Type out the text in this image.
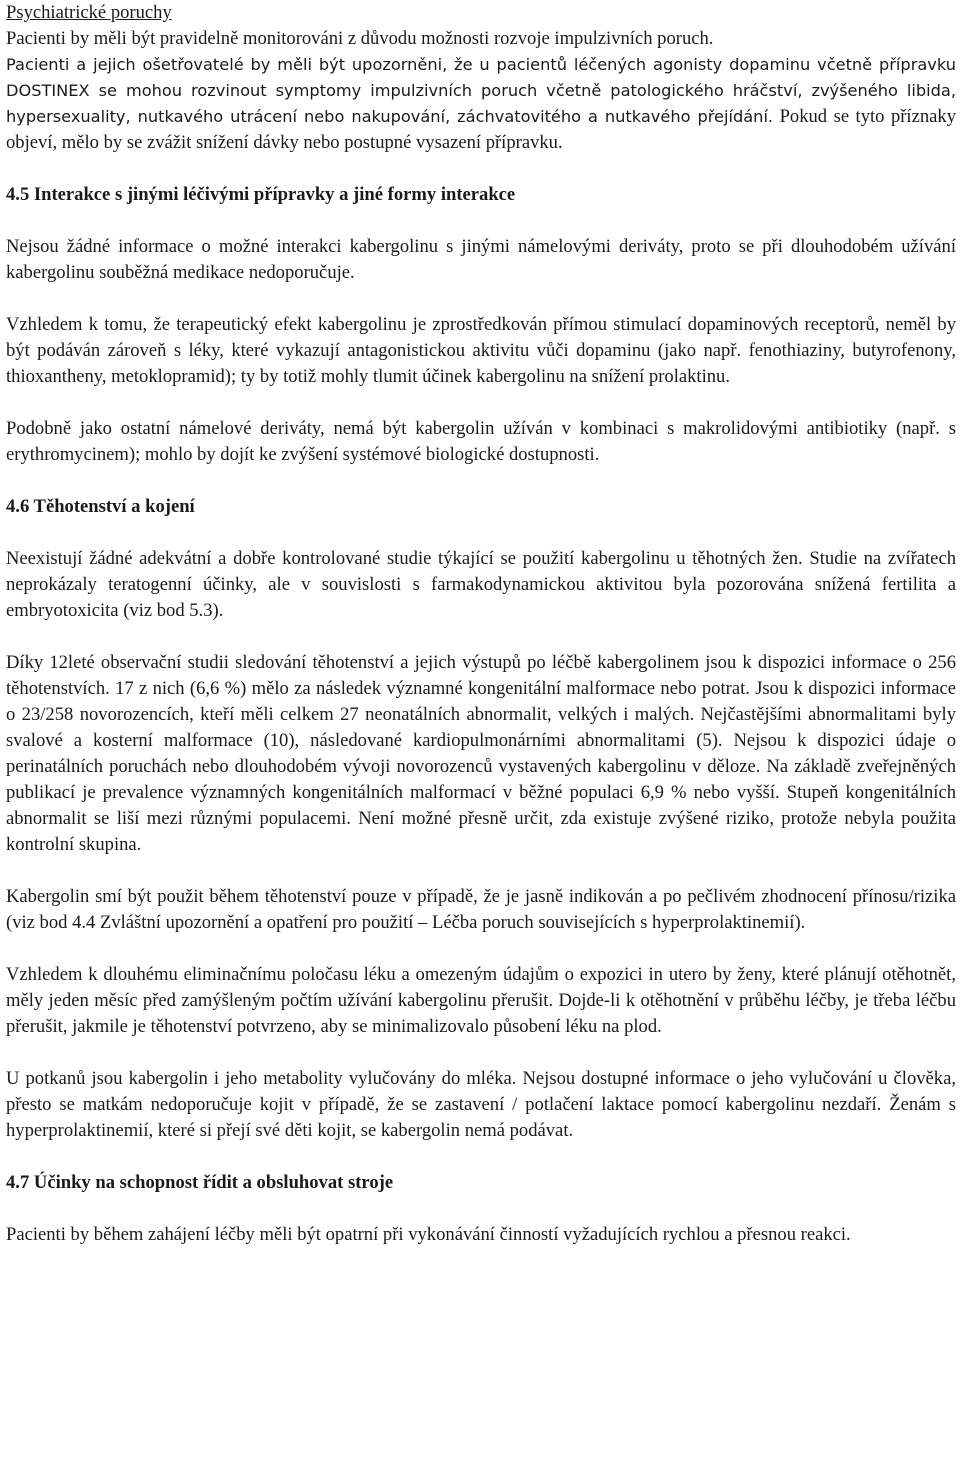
Psychiatrické poruchy

Pacienti by měli být pravidelně monitorováni z důvodu možnosti rozvoje impulzivních poruch.

Pacienti a jejich ošetřovatelé by měli být upozorněni, že u pacientů léčených agonisty dopaminu včetně přípravku DOSTINEX se mohou rozvinout symptomy impulzivních poruch včetně patologického hráčství, zvýšeného libida, hypersexuality, nutkavého utrácení nebo nakupování, záchvatovitého a nutkavého přejídání. Pokud se tyto příznaky objeví, mělo by se zvážit snížení dávky nebo postupné vysazení přípravku.

4.5 Interakce s jinými léčivými přípravky a jiné formy interakce

Nejsou žádné informace o možné interakci kabergolinu s jinými námelovými deriváty, proto se při dlouhodobém užívání kabergolinu souběžná medikace nedoporučuje.

Vzhledem k tomu, že terapeutický efekt kabergolinu je zprostředkován přímou stimulací dopaminových receptorů, neměl by být podáván zároveň s léky, které vykazují antagonistickou aktivitu vůči dopaminu (jako např. fenothiaziny, butyrofenony, thioxantheny, metoklopramid); ty by totiž mohly tlumit účinek kabergolinu na snížení prolaktinu.

Podobně jako ostatní námelové deriváty, nemá být kabergolin užíván v kombinaci s makrolidovými antibiotiky (např. s erythromycinem); mohlo by dojít ke zvýšení systémové biologické dostupnosti.

4.6 Těhotenství a kojení

Neexistují žádné adekvátní a dobře kontrolované studie týkající se použití kabergolinu u těhotných žen. Studie na zvířatech neprokázaly teratogenní účinky, ale v souvislosti s farmakodynamickou aktivitou byla pozorována snížená fertilita a embryotoxicita (viz bod 5.3).

Díky 12leté observační studii sledování těhotenství a jejich výstupů po léčbě kabergolinem jsou k dispozici informace o 256 těhotenstvích. 17 z nich (6,6 %) mělo za následek významné kongenitální malformace nebo potrat. Jsou k dispozici informace o 23/258 novorozencích, kteří měli celkem 27 neonatálních abnormalit, velkých i malých. Nejčastějšími abnormalitami byly svalové a kosterní malformace (10), následované kardiopulmonárními abnormalitami (5). Nejsou k dispozici údaje o perinatálních poruchách nebo dlouhodobém vývoji novorozenců vystavených kabergolinu v děloze. Na základě zveřejněných publikací je prevalence významných kongenitálních malformací v běžné populaci 6,9 % nebo vyšší. Stupeň kongenitálních abnormalit se liší mezi různými populacemi. Není možné přesně určit, zda existuje zvýšené riziko, protože nebyla použita kontrolní skupina.

Kabergolin smí být použit během těhotenství pouze v případě, že je jasně indikován a po pečlivém zhodnocení přínosu/rizika (viz bod 4.4 Zvláštní upozornění a opatření pro použití – Léčba poruch souvisejících s hyperprolaktinemií).

Vzhledem k dlouhému eliminačnímu poločasu léku a omezeným údajům o expozici in utero by ženy, které plánují otěhotnět, měly jeden měsíc před zamýšleným počtím užívání kabergolinu přerušit. Dojde-li k otěhotnění v průběhu léčby, je třeba léčbu přerušit, jakmile je těhotenství potvrzeno, aby se minimalizovalo působení léku na plod.

U potkanů jsou kabergolin i jeho metabolity vylučovány do mléka. Nejsou dostupné informace o jeho vylučování u člověka, přesto se matkám nedoporučuje kojit v případě, že se zastavení / potlačení laktace pomocí kabergolinu nezdaří. Ženám s hyperprolaktinemií, které si přejí své děti kojit, se kabergolin nemá podávat.

4.7 Účinky na schopnost řídit a obsluhovat stroje

Pacienti by během zahájení léčby měli být opatrní při vykonávání činností vyžadujících rychlou a přesnou reakci.
